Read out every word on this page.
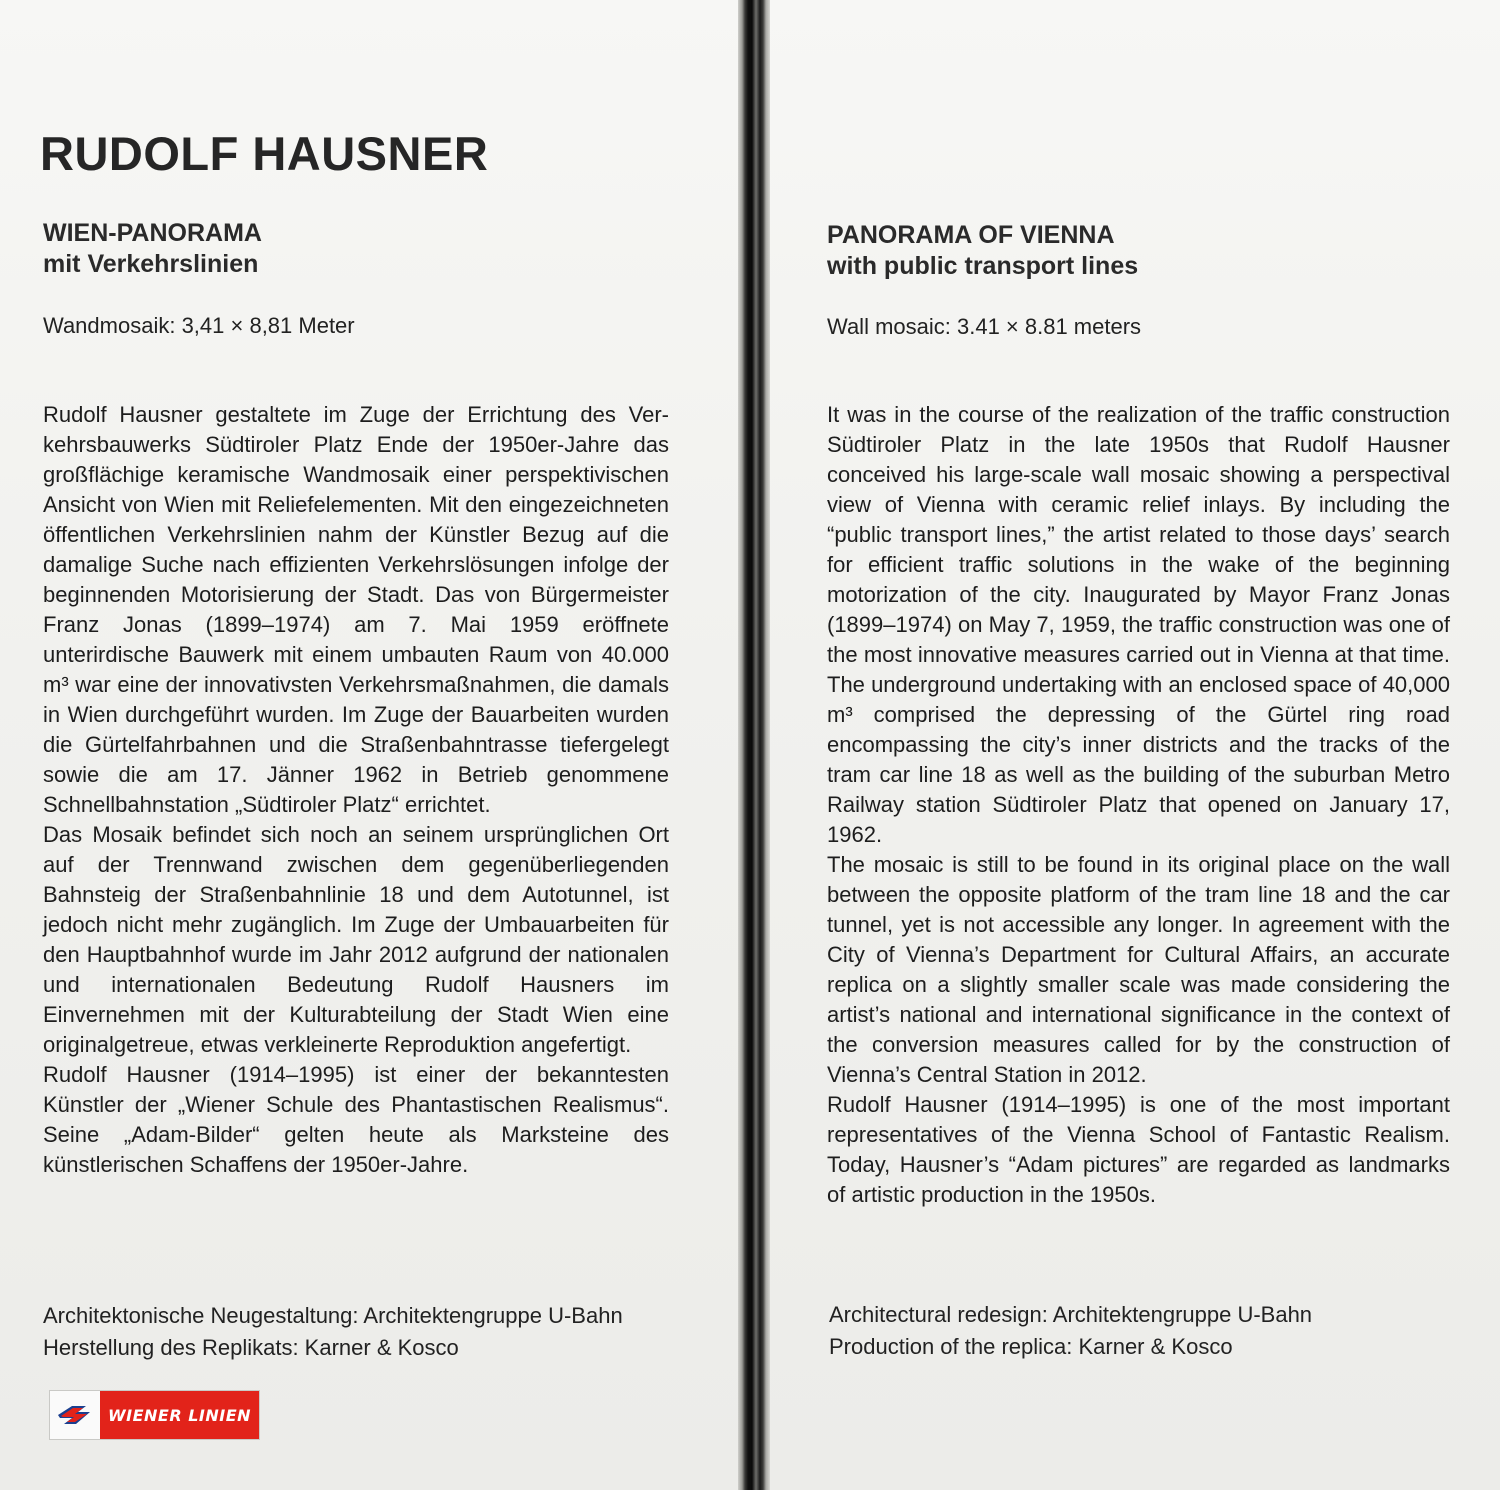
RUDOLF HAUSNER
WIEN-PANORAMA
mit Verkehrslinien

Wandmosaik: 3,41 × 8,81 Meter

Rudolf Hausner gestaltete im Zuge der Errichtung des Verkehrsbauwerks Südtiroler Platz Ende der 1950er-Jahre das großflächige keramische Wandmosaik einer perspektivischen Ansicht von Wien mit Reliefelementen. Mit den eingezeichneten öffentlichen Verkehrslinien nahm der Künstler Bezug auf die damalige Suche nach effizienten Verkehrslösungen infolge der beginnenden Motorisierung der Stadt. Das von Bürgermeister Franz Jonas (1899–1974) am 7. Mai 1959 eröffnete unterirdische Bauwerk mit einem umbauten Raum von 40.000 m³ war eine der innovativsten Verkehrsmaßnahmen, die damals in Wien durchgeführt wurden. Im Zuge der Bauarbeiten wurden die Gürtelfahrbahnen und die Straßenbahntrasse tiefergelegt sowie die am 17. Jänner 1962 in Betrieb genommene Schnellbahnstation „Südtiroler Platz“ errichtet.

Das Mosaik befindet sich noch an seinem ursprünglichen Ort auf der Trennwand zwischen dem gegenüberliegenden Bahnsteig der Straßenbahnlinie 18 und dem Autotunnel, ist jedoch nicht mehr zugänglich. Im Zuge der Umbauarbeiten für den Hauptbahnhof wurde im Jahr 2012 aufgrund der nationalen und internationalen Bedeutung Rudolf Hausners im Einvernehmen mit der Kulturabteilung der Stadt Wien eine originalgetreue, etwas verkleinerte Reproduktion angefertigt.

Rudolf Hausner (1914–1995) ist einer der bekanntesten Künstler der „Wiener Schule des Phantastischen Realismus“. Seine „Adam-Bilder“ gelten heute als Marksteine des künstlerischen Schaffens der 1950er-Jahre.

Architektonische Neugestaltung: Architektengruppe U-Bahn
Herstellung des Replikats: Karner & Kosco
WIENER LINIEN
PANORAMA OF VIENNA
with public transport lines

Wall mosaic: 3.41 × 8.81 meters

It was in the course of the realization of the traffic construction Südtiroler Platz in the late 1950s that Rudolf Hausner conceived his large-scale wall mosaic showing a perspectival view of Vienna with ceramic relief inlays. By including the “public transport lines,” the artist related to those days’ search for efficient traffic solutions in the wake of the beginning motorization of the city. Inaugurated by Mayor Franz Jonas (1899–1974) on May 7, 1959, the traffic construction was one of the most innovative measures carried out in Vienna at that time. The underground undertaking with an enclosed space of 40,000 m³ comprised the depressing of the Gürtel ring road encompassing the city’s inner districts and the tracks of the tram car line 18 as well as the building of the suburban Metro Railway station Südtiroler Platz that opened on January 17, 1962.

The mosaic is still to be found in its original place on the wall between the opposite platform of the tram line 18 and the car tunnel, yet is not accessible any longer. In agreement with the City of Vienna’s Department for Cultural Affairs, an accurate replica on a slightly smaller scale was made considering the artist’s national and international significance in the context of the conversion measures called for by the construction of Vienna’s Central Station in 2012.

Rudolf Hausner (1914–1995) is one of the most important representatives of the Vienna School of Fantastic Realism. Today, Hausner’s “Adam pictures” are regarded as landmarks of artistic production in the 1950s.

Architectural redesign: Architektengruppe U-Bahn
Production of the replica: Karner & Kosco
